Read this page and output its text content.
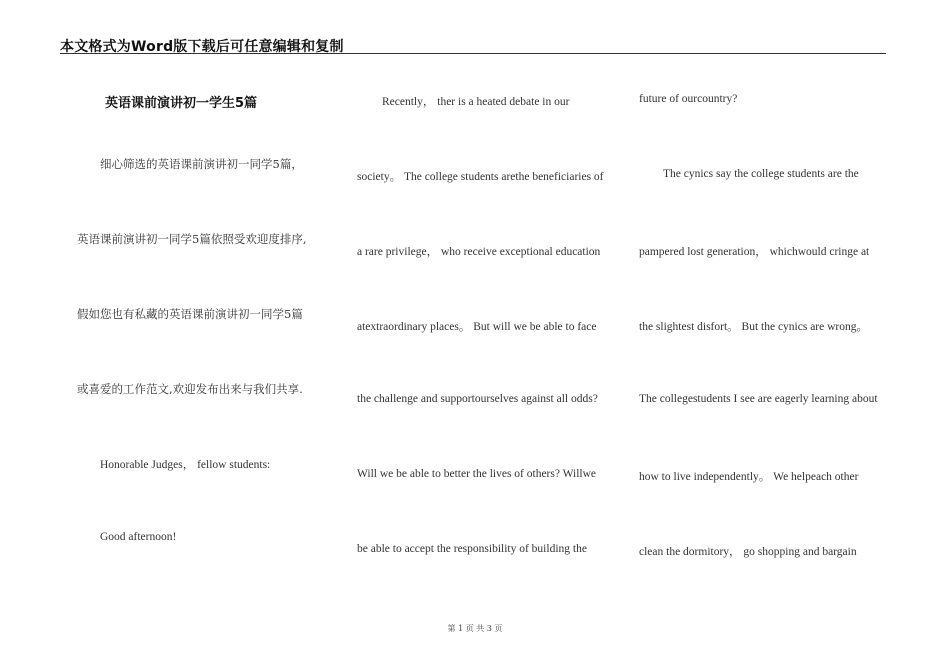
本文格式为Word版下载后可任意编辑和复制
英语课前演讲初一学生5篇
细心筛选的英语课前演讲初一同学5篇，
英语课前演讲初一同学5篇依照受欢迎度排序,
假如您也有私藏的英语课前演讲初一同学5篇
或喜爱的工作范文,欢迎发布出来与我们共享.
Honorable Judges， fellow students:
Good afternoon!
Recently， ther is a heated debate in our
society。 The college students arethe beneficiaries of
a rare privilege， who receive exceptional education
atextraordinary places。 But will we be able to face
the challenge and supportourselves against all odds?
Will we be able to better the lives of others? Willwe
be able to accept the responsibility of building the
future of ourcountry?
The cynics say the college students are the
pampered lost generation， whichwould cringe at
the slightest disfort。 But the cynics are wrong。
The collegestudents I see are eagerly learning about
how to live independently。 We helpeach other
clean the dormitory， go shopping and bargain
第 1 页 共 3 页
